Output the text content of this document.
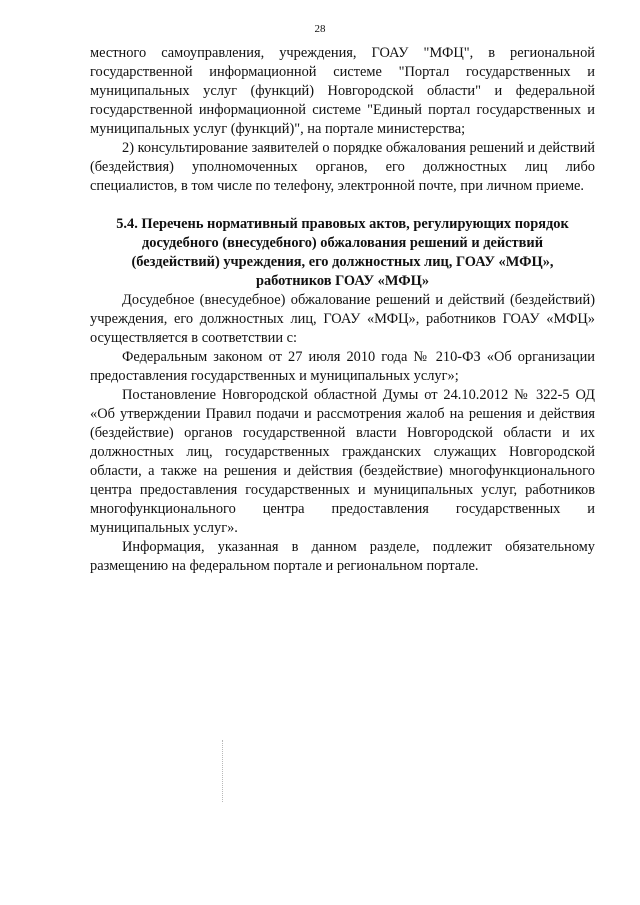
28

местного самоуправления, учреждения, ГОАУ "МФЦ", в региональной государственной информационной системе "Портал государственных и муниципальных услуг (функций) Новгородской области" и федеральной государственной информационной системе "Единый портал государственных и муниципальных услуг (функций)", на портале министерства;

2) консультирование заявителей о порядке обжалования решений и действий (бездействия) уполномоченных органов, его должностных лиц либо специалистов, в том числе по телефону, электронной почте, при личном приеме.

5.4. Перечень нормативный правовых актов, регулирующих порядок досудебного (внесудебного) обжалования решений и действий (бездействий) учреждения, его должностных лиц, ГОАУ «МФЦ», работников ГОАУ «МФЦ»

Досудебное (внесудебное) обжалование решений и действий (бездействий) учреждения, его должностных лиц, ГОАУ «МФЦ», работников ГОАУ «МФЦ» осуществляется в соответствии с:

Федеральным законом от 27 июля 2010 года № 210-ФЗ «Об организации предоставления государственных и муниципальных услуг»;

Постановление Новгородской областной Думы от 24.10.2012 № 322-5 ОД «Об утверждении Правил подачи и рассмотрения жалоб на решения и действия (бездействие) органов государственной власти Новгородской области и их должностных лиц, государственных гражданских служащих Новгородской области, а также на решения и действия (бездействие) многофункционального центра предоставления государственных и муниципальных услуг, работников многофункционального центра предоставления государственных и муниципальных услуг».

Информация, указанная в данном разделе, подлежит обязательному размещению на федеральном портале и региональном портале.
